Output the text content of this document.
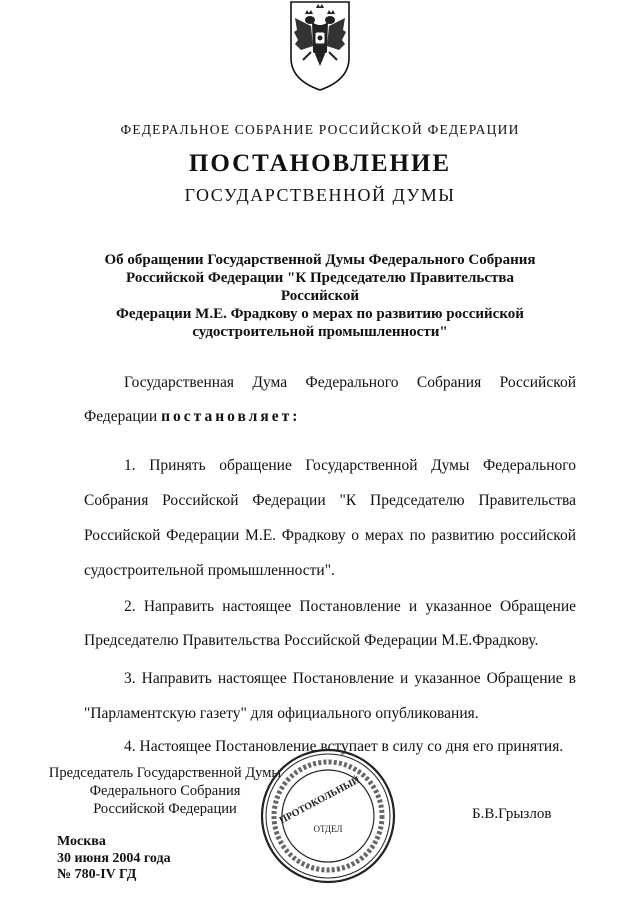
ФЕДЕРАЛЬНОЕ СОБРАНИЕ РОССИЙСКОЙ ФЕДЕРАЦИИ
ПОСТАНОВЛЕНИЕ
ГОСУДАРСТВЕННОЙ ДУМЫ
Об обращении Государственной Думы Федерального Собрания
Российской Федерации "К Председателю Правительства Российской
Федерации М.Е. Фрадкову о мерах по развитию российской
судостроительной промышленности"
Государственная Дума Федерального Собрания Российской
Федерации постановляет:
1. Принять обращение Государственной Думы Федерального
Собрания Российской Федерации "К Председателю Правительства
Российской Федерации М.Е. Фрадкову о мерах по развитию российской
судостроительной промышленности".
2. Направить настоящее Постановление и указанное Обращение
Председателю Правительства Российской Федерации М.Е.Фрадкову.
3. Направить настоящее Постановление и указанное Обращение в
"Парламентскую газету" для официального опубликования.
4. Настоящее Постановление вступает в силу со дня его принятия.
Председатель Государственной Думы
Федерального Собрания
Российской Федерации	Б.В.Грызлов
Москва
30 июня 2004 года
№ 780-IV ГД
ПРОТОКОЛЬНЫЙ
ОТДЕЛ
